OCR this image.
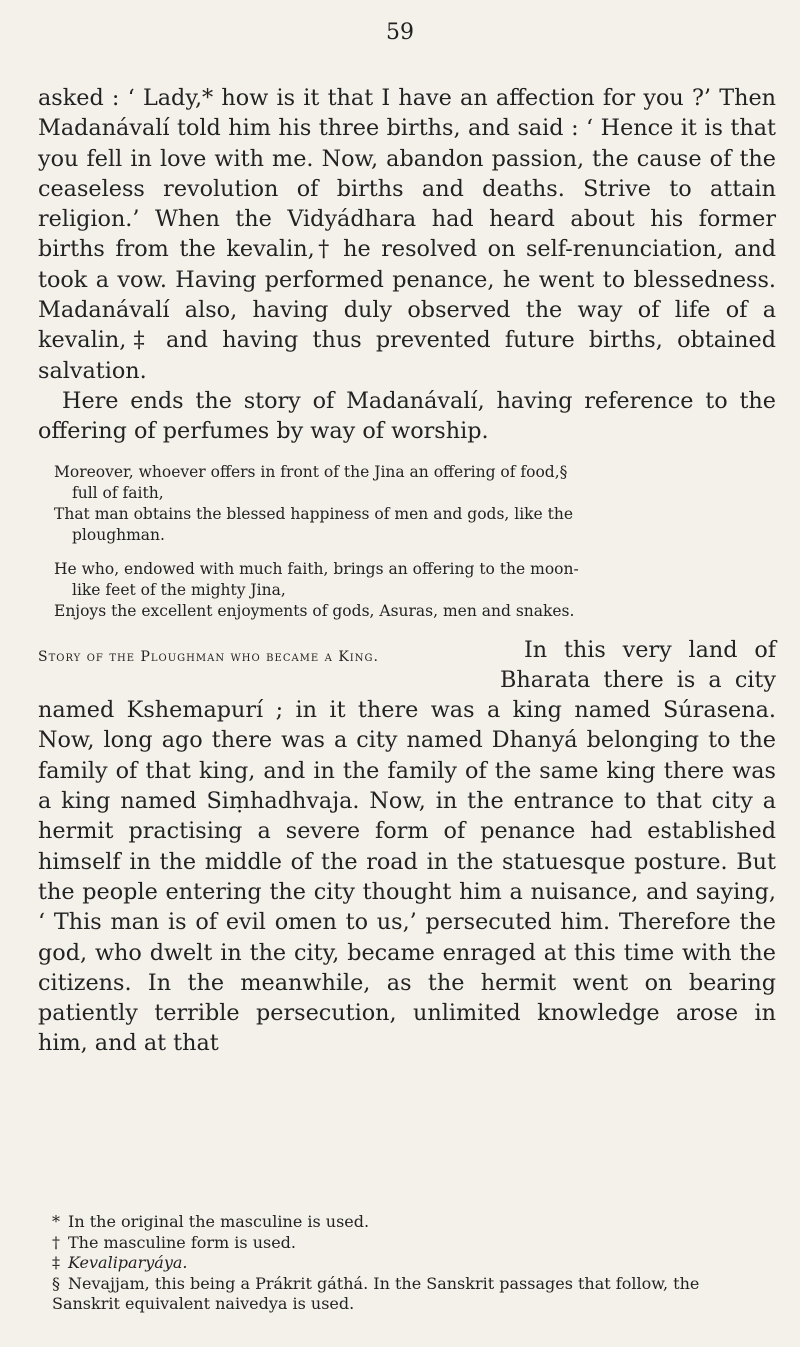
59

asked : ‘ Lady,* how is it that I have an affection for you ?’ Then Madanávalí told him his three births, and said : ‘ Hence it is that you fell in love with me. Now, abandon passion, the cause of the ceaseless revolution of births and deaths. Strive to attain religion.’ When the Vidyádhara had heard about his former births from the kevalin,† he resolved on self-renunciation, and took a vow. Having performed penance, he went to blessedness. Madanávalí also, having duly observed the way of life of a kevalin,‡ and having thus prevented future births, obtained salvation.

Here ends the story of Madanávalí, having reference to the offering of perfumes by way of worship.

Moreover, whoever offers in front of the Jina an offering of food,§
full of faith,
That man obtains the blessed happiness of men and gods, like the
ploughman.

He who, endowed with much faith, brings an offering to the moon-
like feet of the mighty Jina,
Enjoys the excellent enjoyments of gods, Asuras, men and snakes.

Story of the Ploughman who became a King.	In this very land of Bharata there is a city named Kshemapurí ; in it there was a king named Súrasena. Now, long ago there was a city named Dhanyá belonging to the family of that king, and in the family of the same king there was a king named Siṃhadhvaja. Now, in the entrance to that city a hermit practising a severe form of penance had established himself in the middle of the road in the statuesque posture. But the people entering the city thought him a nuisance, and saying, ‘ This man is of evil omen to us,’ persecuted him. Therefore the god, who dwelt in the city, became enraged at this time with the citizens. In the meanwhile, as the hermit went on bearing patiently terrible persecution, unlimited knowledge arose in him, and at that

* In the original the masculine is used.

† The masculine form is used.

‡ Kevaliparyáya.

§ Nevajjam, this being a Prákrit gáthá. In the Sanskrit passages that follow, the Sanskrit equivalent naivedya is used.
